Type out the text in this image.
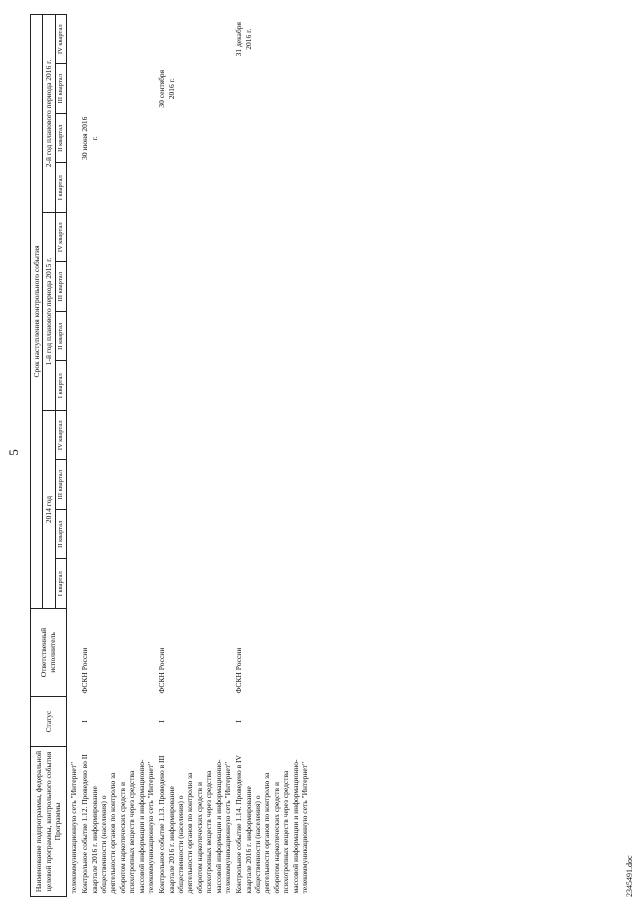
5
Наименование подпрограммы, федеральной целевой программы, контрольного события Программы	Статус	Ответственный исполнитель	Срок наступления контрольного события											
			2014 год				1-й год планового периода 2015 г.				2-й год планового периода 2016 г.			
			I квартал	II квартал	III квартал	IV квартал	I квартал	II квартал	III квартал	IV квартал	I квартал	II квартал	III квартал	IV квартал
телекоммуникационную сеть "Интернет"														
Контрольное событие 1.12. Проведено во II квартале 2016 г. информирование общественности (населения) о деятельности органов по контролю за оборотом наркотических средств и психотропных веществ через средства массовой информации и информационно-телекоммуникационную сеть "Интернет"	I	ФСКН России										30 июня 2016 г.		
Контрольное событие 1.13. Проведено в III квартале 2016 г. информирование общественности (населения) о деятельности органов по контролю за оборотом наркотических средств и психотропных веществ через средства массовой информации и информационно-телекоммуникационную сеть "Интернет"	I	ФСКН России											30 сентября 2016 г.	
Контрольное событие 1.14. Проведено в IV квартале 2016 г. информирование общественности (населения) о деятельности органов по контролю за оборотом наркотических средств и психотропных веществ через средства массовой информации и информационно-телекоммуникационную сеть "Интернет"	I	ФСКН России												31 декабря 2016 г.
2345491.doc
